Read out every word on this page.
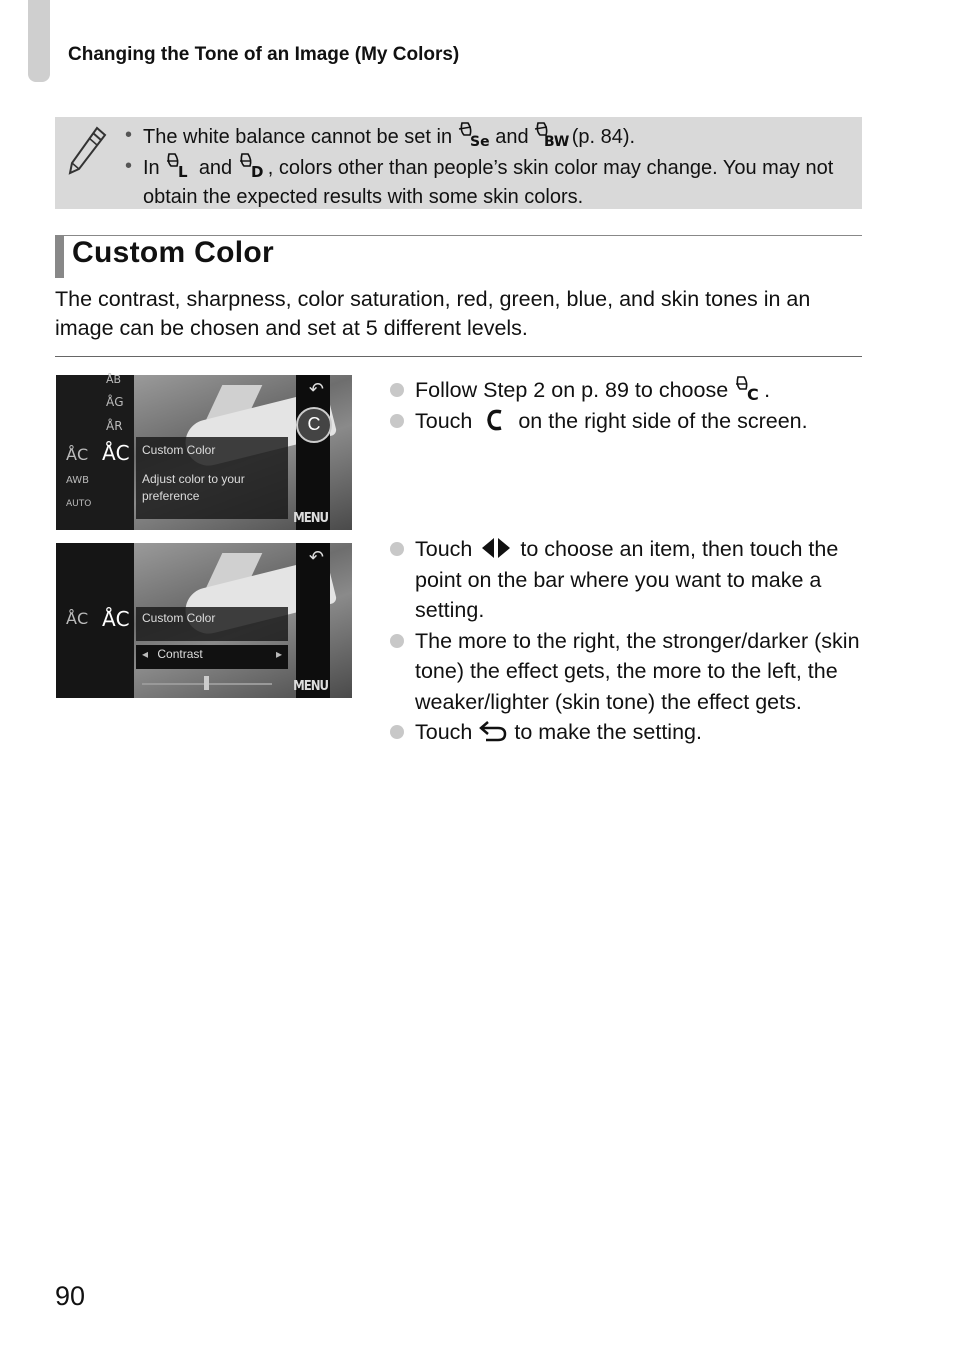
Changing the Tone of an Image (My Colors)
• The white balance cannot be set in Se and BW (p. 84).
• In L and D , colors other than people’s skin color may change. You may not obtain the expected results with some skin colors.
Custom Color

The contrast, sharpness, color saturation, red, green, blue, and skin tones in an image can be chosen and set at 5 different levels.

ÅB
ÅG
ÅR
ÅC ÅC
AWB
AUTO
Custom Color
Adjust color to your preference
↶
C
MENU
ÅC ÅC Custom Color
◂ Contrast	▸
↶
MENU
Follow Step 2 on p. 89 to choose C .
Touch on the right side of the screen.
Touch to choose an item, then touch the point on the bar where you want to make a setting.
The more to the right, the stronger/darker (skin tone) the effect gets, the more to the left, the weaker/lighter (skin tone) the effect gets.
Touch to make the setting.

90
